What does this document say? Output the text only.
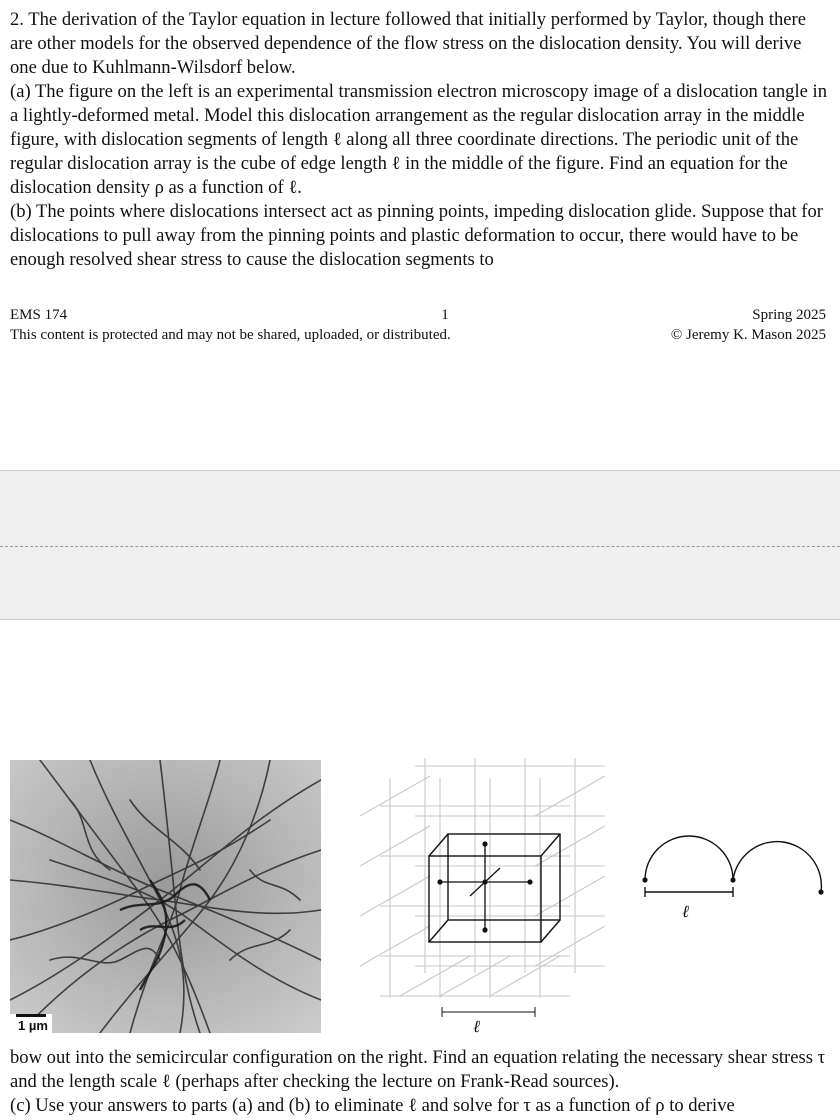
2. The derivation of the Taylor equation in lecture followed that initially performed by Taylor, though there are other models for the observed dependence of the flow stress on the dislocation density. You will derive one due to Kuhlmann-Wilsdorf below.
(a) The figure on the left is an experimental transmission electron microscopy image of a dislocation tangle in a lightly-deformed metal. Model this dislocation arrangement as the regular dislocation array in the middle figure, with dislocation segments of length ℓ along all three coordinate directions. The periodic unit of the regular dislocation array is the cube of edge length ℓ in the middle of the figure. Find an equation for the dislocation density ρ as a function of ℓ.
(b) The points where dislocations intersect act as pinning points, impeding dislocation glide. Suppose that for dislocations to pull away from the pinning points and plastic deformation to occur, there would have to be enough resolved shear stress to cause the dislocation segments to
EMS 174	1	Spring 2025
This content is protected and may not be shared, uploaded, or distributed.	© Jeremy K. Mason 2025
1 µm	ℓ
ℓ
bow out into the semicircular configuration on the right. Find an equation relating the necessary shear stress τ and the length scale ℓ (perhaps after checking the lecture on Frank-Read sources).
(c) Use your answers to parts (a) and (b) to eliminate ℓ and solve for τ as a function of ρ to derive
